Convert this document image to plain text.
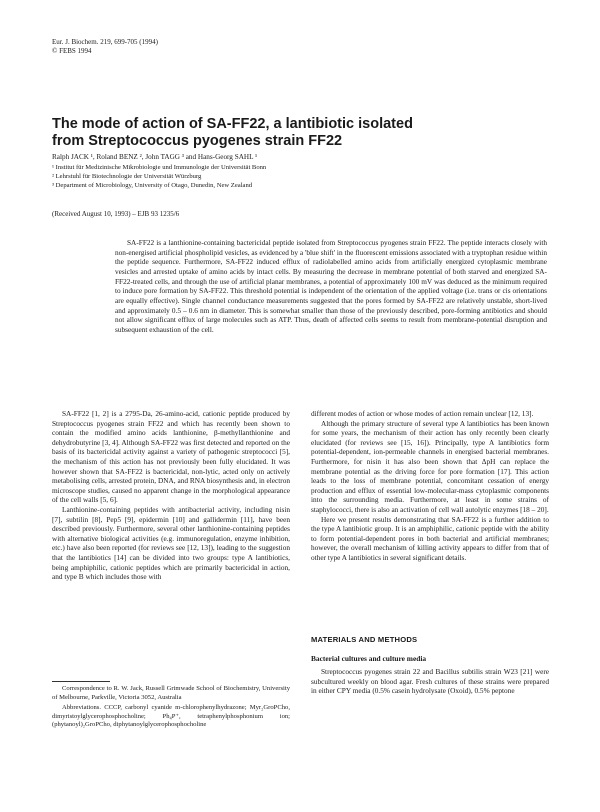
Eur. J. Biochem. 219, 699-705 (1994)
© FEBS 1994
The mode of action of SA-FF22, a lantibiotic isolated
from Streptococcus pyogenes strain FF22
Ralph JACK ¹, Roland BENZ ², John TAGG ³ and Hans-Georg SAHL ¹
¹ Institut für Medizinische Mikrobiologie und Immunologie der Universität Bonn
² Lehrstuhl für Biotechnologie der Universität Würzburg
³ Department of Microbiology, University of Otago, Dunedin, New Zealand
(Received August 10, 1993) – EJB 93 1235/6

SA-FF22 is a lanthionine-containing bactericidal peptide isolated from Streptococcus pyogenes strain FF22. The peptide interacts closely with non-energised artificial phospholipid vesicles, as evidenced by a 'blue shift' in the fluorescent emissions associated with a tryptophan residue within the peptide sequence. Furthermore, SA-FF22 induced efflux of radiolabelled amino acids from artificially energized cytoplasmic membrane vesicles and arrested uptake of amino acids by intact cells. By measuring the decrease in membrane potential of both starved and energized SA-FF22-treated cells, and through the use of artificial planar membranes, a potential of approximately 100 mV was deduced as the minimum required to induce pore formation by SA-FF22. This threshold potential is independent of the orientation of the applied voltage (i.e. trans or cis orientations are equally effective). Single channel conductance measurements suggested that the pores formed by SA-FF22 are relatively unstable, short-lived and approximately 0.5 – 0.6 nm in diameter. This is somewhat smaller than those of the previously described, pore-forming antibiotics and should not allow significant efflux of large molecules such as ATP. Thus, death of affected cells seems to result from membrane-potential disruption and subsequent exhaustion of the cell.

SA-FF22 [1, 2] is a 2795-Da, 26-amino-acid, cationic peptide produced by Streptococcus pyogenes strain FF22 and which has recently been shown to contain the modified amino acids lanthionine, β-methyllanthionine and dehydrobutyrine [3, 4]. Although SA-FF22 was first detected and reported on the basis of its bactericidal activity against a variety of pathogenic streptococci [5], the mechanism of this action has not previously been fully elucidated. It was however shown that SA-FF22 is bactericidal, non-lytic, acted only on actively metabolising cells, arrested protein, DNA, and RNA biosynthesis and, in electron microscope studies, caused no apparent change in the morphological appearance of the cell walls [5, 6].

Lanthionine-containing peptides with antibacterial activity, including nisin [7], subtilin [8], Pep5 [9], epidermin [10] and gallidermin [11], have been described previously. Furthermore, several other lanthionine-containing peptides with alternative biological activities (e.g. immunoregulation, enzyme inhibition, etc.) have also been reported (for reviews see [12, 13]), leading to the suggestion that the lantibiotics [14] can be divided into two groups: type A lantibiotics, being amphiphilic, cationic peptides which are primarily bactericidal in action, and type B which includes those with

different modes of action or whose modes of action remain unclear [12, 13].

Although the primary structure of several type A lantibiotics has been known for some years, the mechanism of their action has only recently been clearly elucidated (for reviews see [15, 16]). Principally, type A lantibiotics form potential-dependent, ion-permeable channels in energised bacterial membranes. Furthermore, for nisin it has also been shown that ΔpH can replace the membrane potential as the driving force for pore formation [17]. This action leads to the loss of membrane potential, concomitant cessation of energy production and efflux of essential low-molecular-mass cytoplasmic components into the surrounding media. Furthermore, at least in some strains of staphylococci, there is also an activation of cell wall autolytic enzymes [18 – 20].

Here we present results demonstrating that SA-FF22 is a further addition to the type A lantibiotic group. It is an amphiphilic, cationic peptide with the ability to form potential-dependent pores in both bacterial and artificial membranes; however, the overall mechanism of killing activity appears to differ from that of other type A lantibiotics in several significant details.

MATERIALS AND METHODS
Bacterial cultures and culture media

Streptococcus pyogenes strain 22 and Bacillus subtilis strain W23 [21] were subcultured weekly on blood agar. Fresh cultures of these strains were prepared in either CPY media (0.5% casein hydrolysate (Oxoid), 0.5% peptone

Correspondence to R. W. Jack, Russell Grimwade School of Biochemistry, University of Melbourne, Parkville, Victoria 3052, Australia

Abbreviations. CCCP, carbonyl cyanide m-chlorophenylhydrazone; Myr₂GroPCho, dimyristoylglycerophosphocholine; Ph₄P⁺, tetraphenylphosphonium ion; (phytanoyl)₂GroPCho, diphytanoylglycerophosphocholine
